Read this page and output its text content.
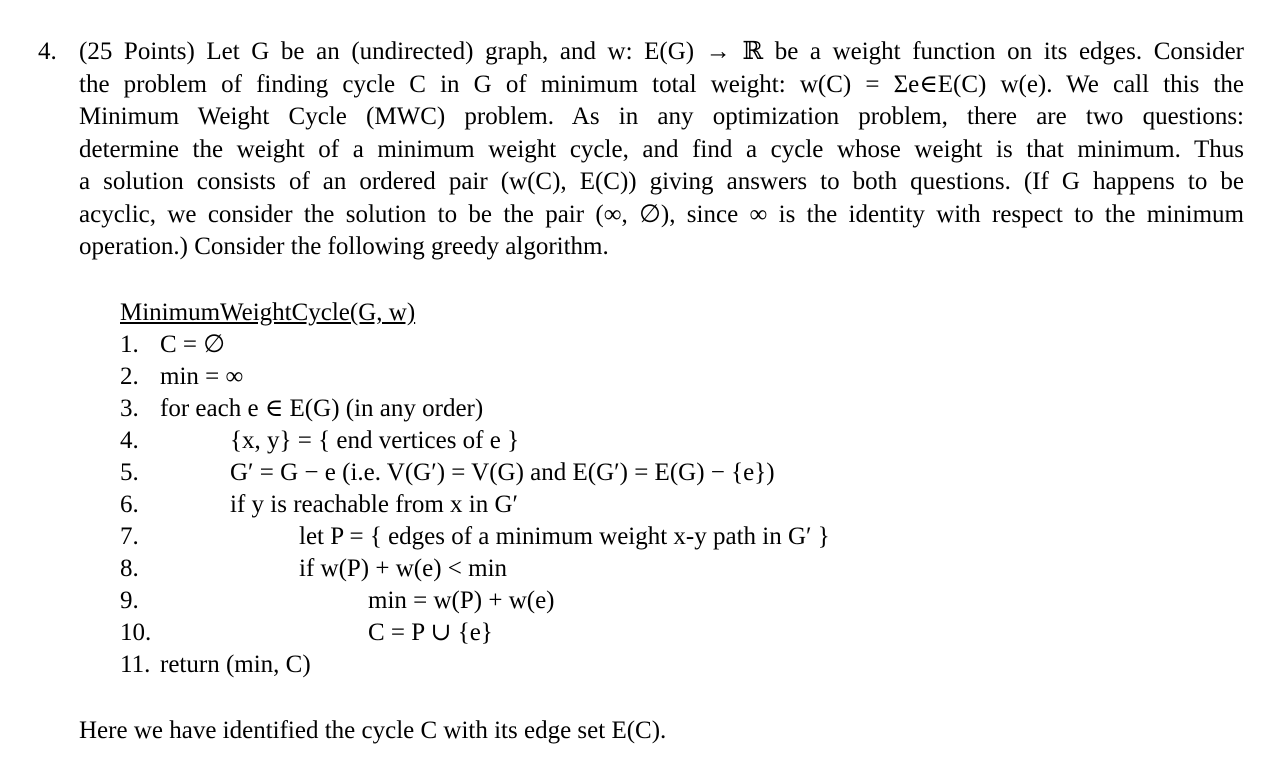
4. (25 Points) Let G be an (undirected) graph, and w: E(G) → ℝ be a weight function on its edges. Consider
the problem of finding cycle C in G of minimum total weight: w(C) = Σe∈E(C) w(e). We call this the
Minimum Weight Cycle (MWC) problem. As in any optimization problem, there are two questions:
determine the weight of a minimum weight cycle, and find a cycle whose weight is that minimum. Thus
a solution consists of an ordered pair (w(C), E(C)) giving answers to both questions. (If G happens to be
acyclic, we consider the solution to be the pair (∞, ∅), since ∞ is the identity with respect to the minimum
operation.) Consider the following greedy algorithm.
MinimumWeightCycle(G, w)
1. C = ∅
2. min = ∞
3. for each e ∈ E(G) (in any order)
4.	{x, y} = { end vertices of e }
5.	G′ = G − e (i.e. V(G′) = V(G) and E(G′) = E(G) − {e})
6.	if y is reachable from x in G′
7.	let P = { edges of a minimum weight x-y path in G′ }
8.	if w(P) + w(e) < min
9.	min = w(P) + w(e)
10.	C = P ∪ {e}
11. return (min, C)
Here we have identified the cycle C with its edge set E(C).
